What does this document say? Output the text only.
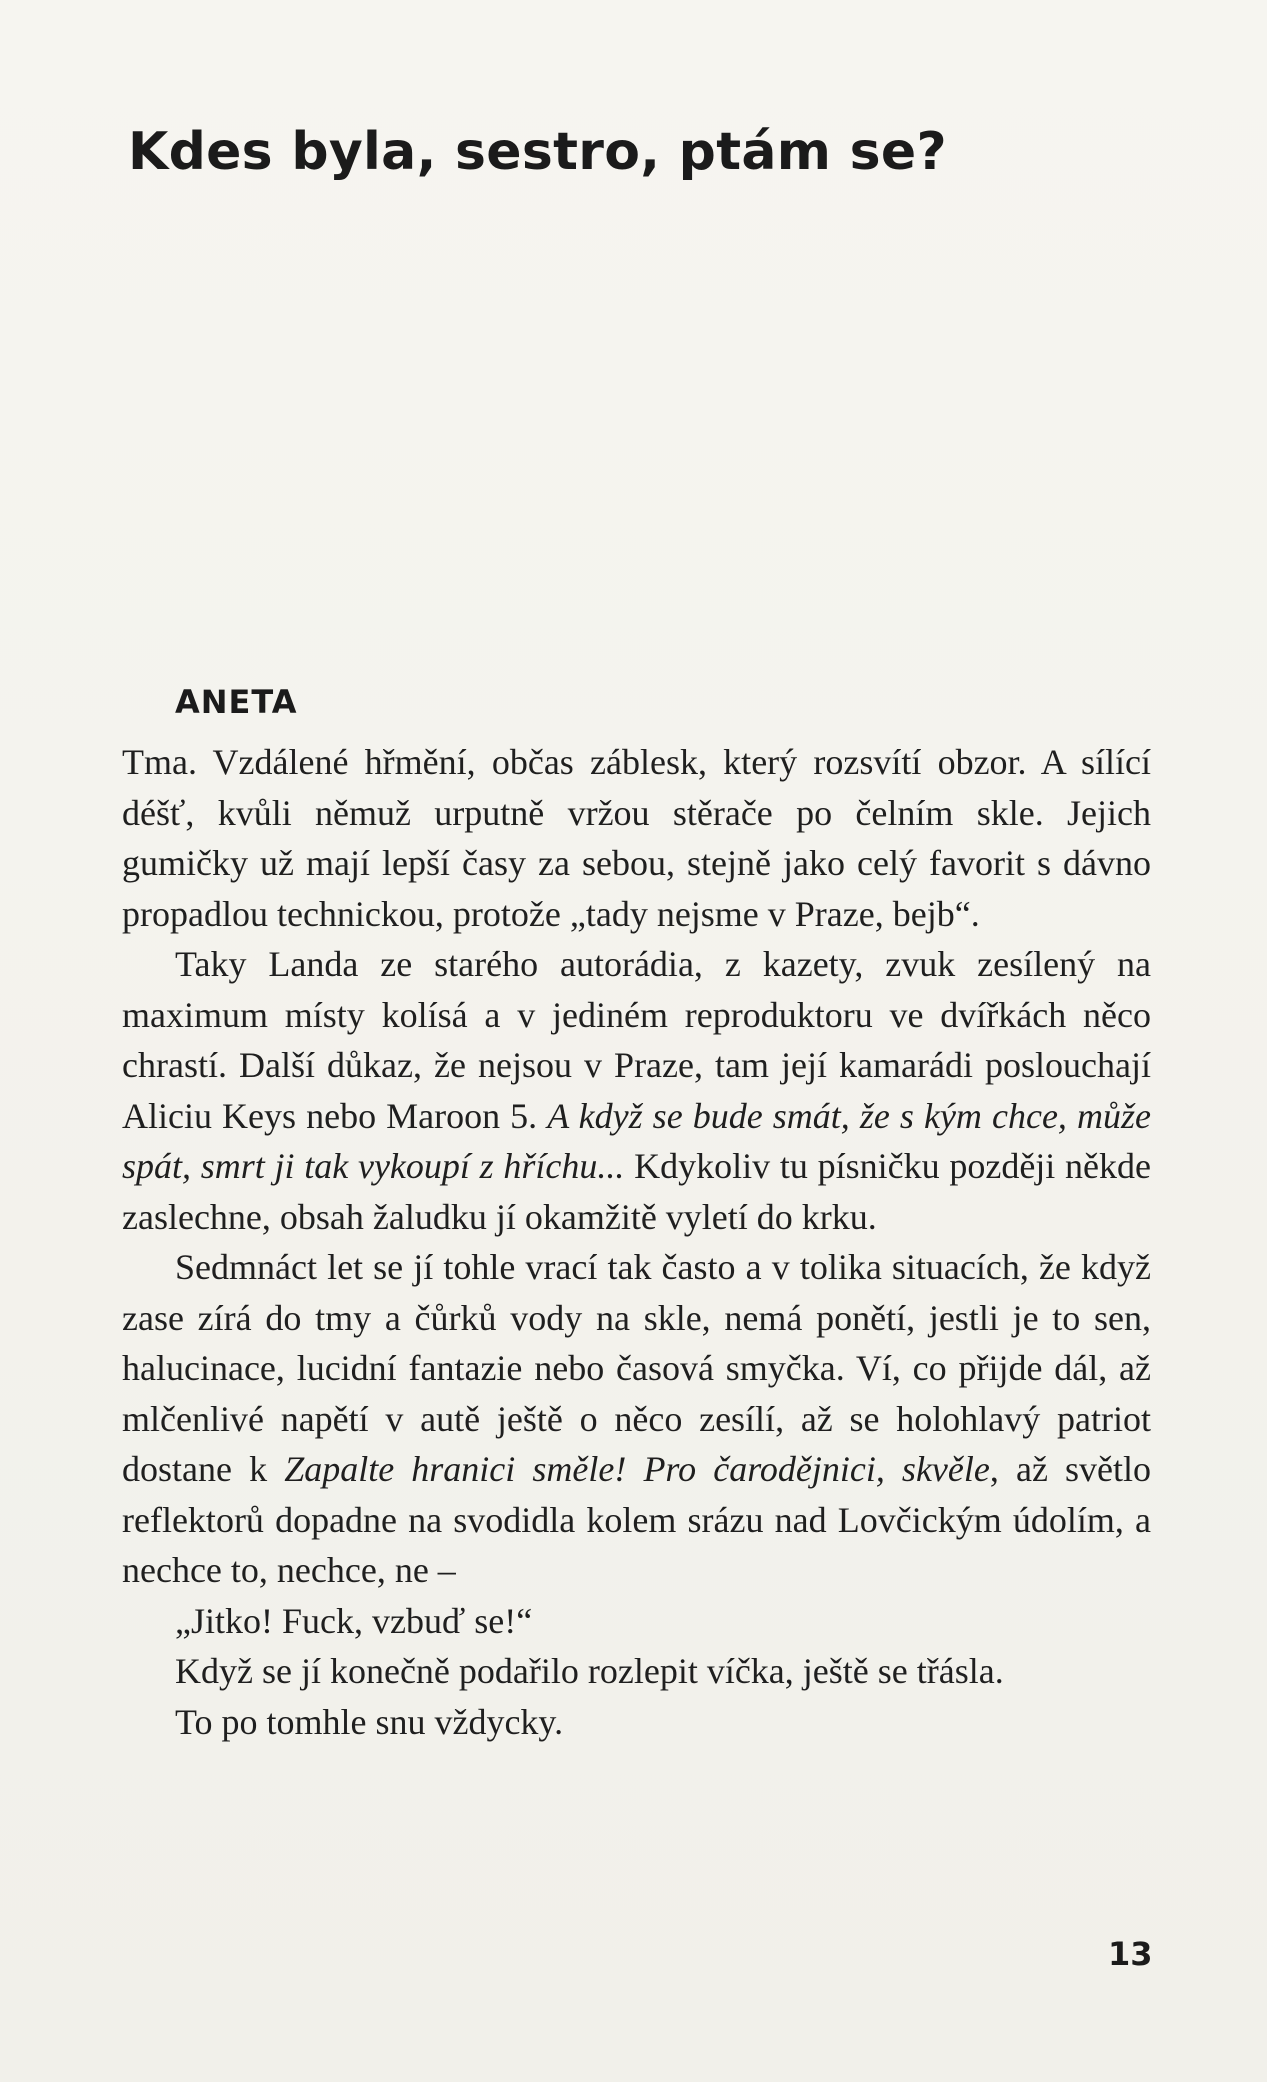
Kdes byla, sestro, ptám se?
ANETA

Tma. Vzdálené hřmění, občas záblesk, který rozsvítí obzor. A sílící déšť, kvůli němuž urputně vržou stěrače po čelním skle. Jejich gumičky už mají lepší časy za sebou, stejně jako celý favorit s dávno propadlou technickou, protože „tady nejsme v Praze, bejb“.

Taky Landa ze starého autorádia, z kazety, zvuk zesílený na maximum místy kolísá a v jediném reproduktoru ve dvířkách něco chrastí. Další důkaz, že nejsou v Praze, tam její kamarádi poslouchají Aliciu Keys nebo Maroon 5. A když se bude smát, že s kým chce, může spát, smrt ji tak vykoupí z hříchu... Kdykoliv tu písničku později někde zaslechne, obsah žaludku jí okamžitě vyletí do krku.

Sedmnáct let se jí tohle vrací tak často a v tolika situacích, že když zase zírá do tmy a čůrků vody na skle, nemá ponětí, jestli je to sen, halucinace, lucidní fantazie nebo časová smyčka. Ví, co přijde dál, až mlčenlivé napětí v autě ještě o něco zesílí, až se holohlavý patriot dostane k Zapalte hranici směle! Pro čarodějnici, skvěle, až světlo reflektorů dopadne na svodidla kolem srázu nad Lovčickým údolím, a nechce to, nechce, ne –

„Jitko! Fuck, vzbuď se!“

Když se jí konečně podařilo rozlepit víčka, ještě se třásla.

To po tomhle snu vždycky.

13
